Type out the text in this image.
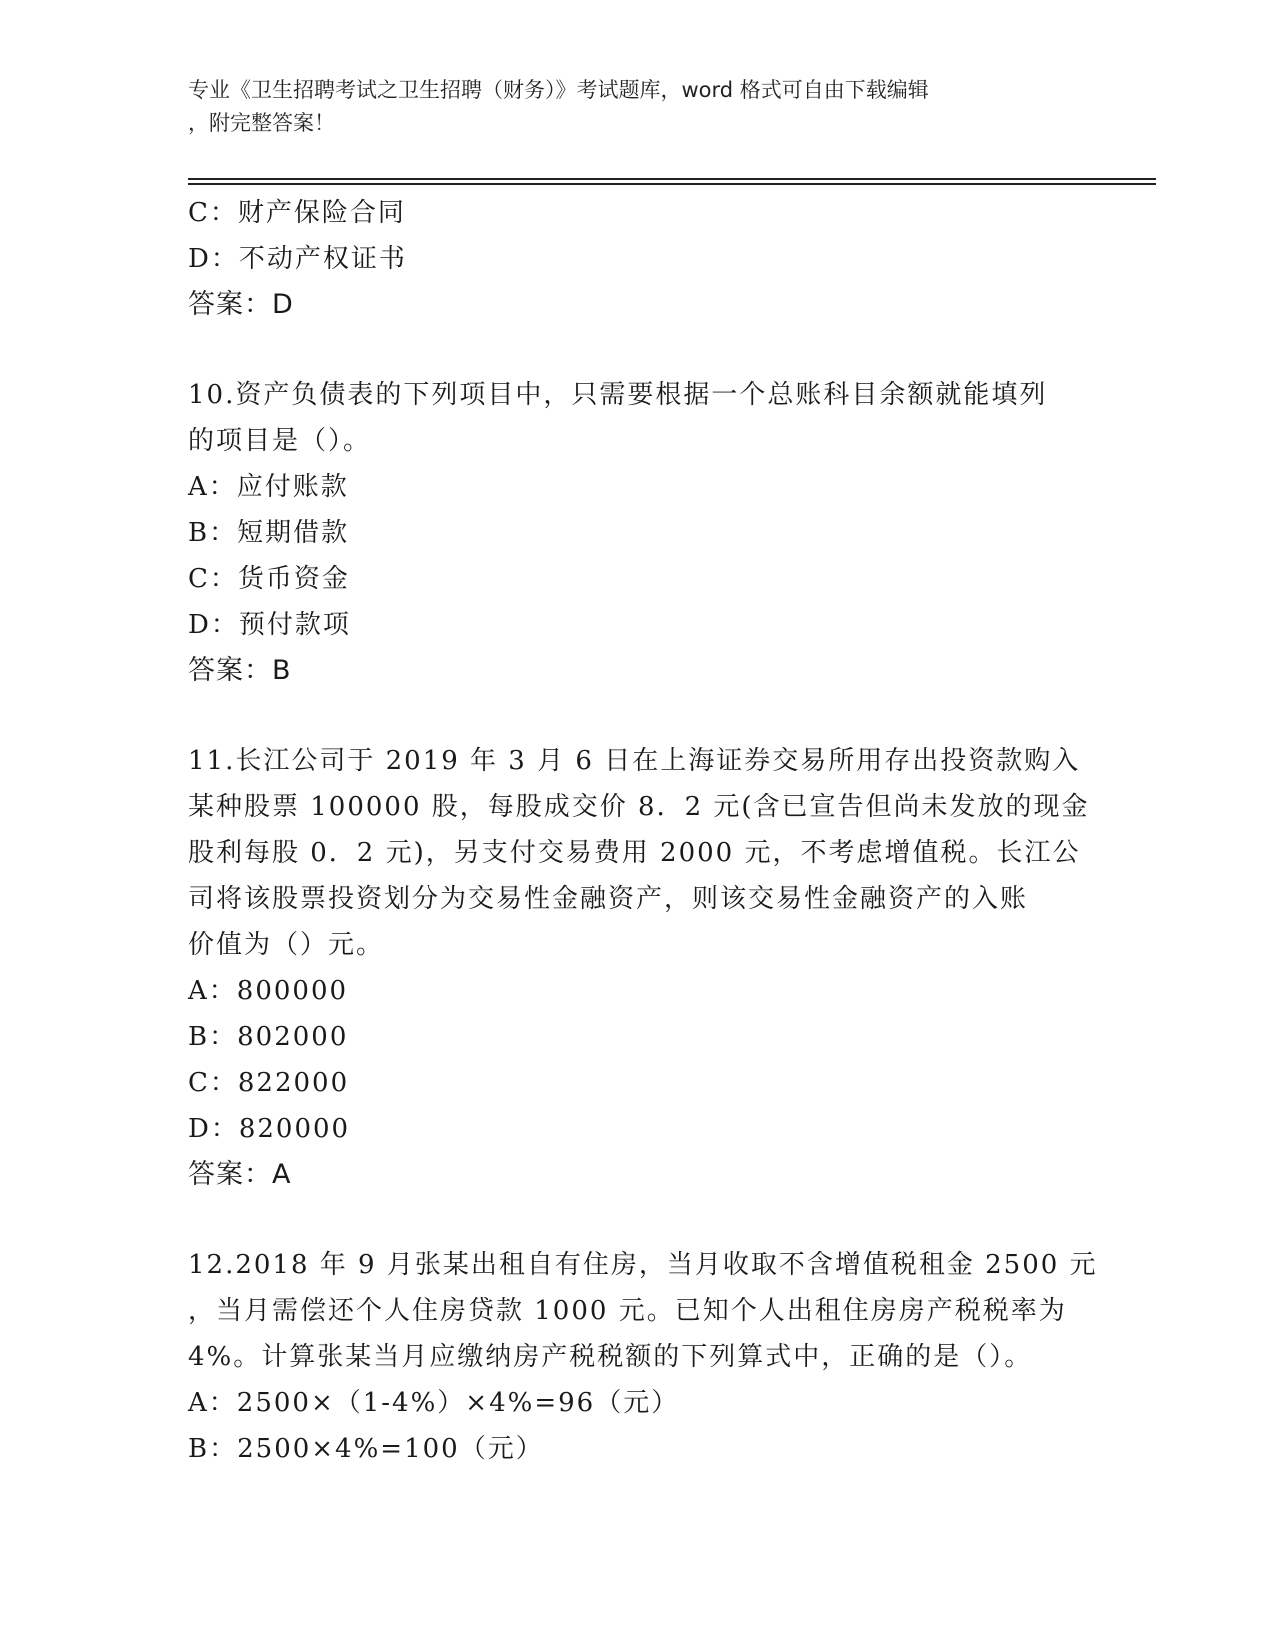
专业《卫生招聘考试之卫生招聘（财务）》考试题库，word 格式可自由下载编辑
，附完整答案！
C：财产保险合同
D：不动产权证书
答案：D
10.资产负债表的下列项目中，只需要根据一个总账科目余额就能填列
的项目是（）。
A：应付账款
B：短期借款
C：货币资金
D：预付款项
答案：B
11.长江公司于 2019 年 3 月 6 日在上海证券交易所用存出投资款购入
某种股票 100000 股，每股成交价 8．2 元(含已宣告但尚未发放的现金
股利每股 0．2 元)，另支付交易费用 2000 元，不考虑增值税。长江公
司将该股票投资划分为交易性金融资产，则该交易性金融资产的入账
价值为（）元。
A：800000
B：802000
C：822000
D：820000
答案：A
12.2018 年 9 月张某出租自有住房，当月收取不含增值税租金 2500 元
，当月需偿还个人住房贷款 1000 元。已知个人出租住房房产税税率为
4%。计算张某当月应缴纳房产税税额的下列算式中，正确的是（）。
A：2500×（1-4%）×4%=96（元）
B：2500×4%=100（元）
